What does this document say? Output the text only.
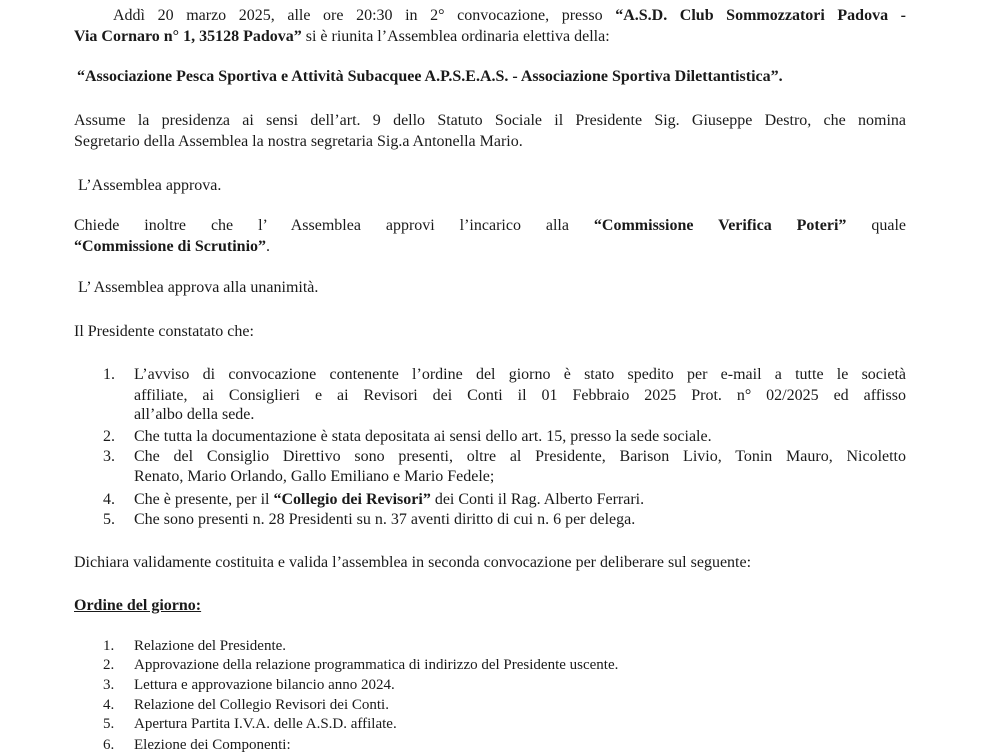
Addì 20 marzo 2025, alle ore 20:30 in 2° convocazione, presso “A.S.D. Club Sommozzatori Padova -
Via Cornaro n° 1, 35128 Padova” si è riunita l’Assemblea ordinaria elettiva della:
“Associazione Pesca Sportiva e Attività Subacquee A.P.S.E.A.S. - Associazione Sportiva Dilettantistica”.
Assume la presidenza ai sensi dell’art. 9 dello Statuto Sociale il Presidente Sig. Giuseppe Destro, che nomina
Segretario della Assemblea la nostra segretaria Sig.a Antonella Mario.
L’Assemblea approva.
Chiede inoltre che l’ Assemblea approvi l’incarico alla “Commissione Verifica Poteri” quale
“Commissione di Scrutinio”.
L’ Assemblea approva alla unanimità.
Il Presidente constatato che:
1. L’avviso di convocazione contenente l’ordine del giorno è stato spedito per e-mail a tutte le società
affiliate, ai Consiglieri e ai Revisori dei Conti il 01 Febbraio 2025 Prot. n° 02/2025 ed affisso
all’albo della sede.
2. Che tutta la documentazione è stata depositata ai sensi dello art. 15, presso la sede sociale.
3. Che del Consiglio Direttivo sono presenti, oltre al Presidente, Barison Livio, Tonin Mauro, Nicoletto
Renato, Mario Orlando, Gallo Emiliano e Mario Fedele;
4. Che è presente, per il “Collegio dei Revisori” dei Conti il Rag. Alberto Ferrari.
5. Che sono presenti n. 28 Presidenti su n. 37 aventi diritto di cui n. 6 per delega.
Dichiara validamente costituita e valida l’assemblea in seconda convocazione per deliberare sul seguente:
Ordine del giorno:
1. Relazione del Presidente.
2. Approvazione della relazione programmatica di indirizzo del Presidente uscente.
3. Lettura e approvazione bilancio anno 2024.
4. Relazione del Collegio Revisori dei Conti.
5. Apertura Partita I.V.A. delle A.S.D. affilate.
6. Elezione dei Componenti:
